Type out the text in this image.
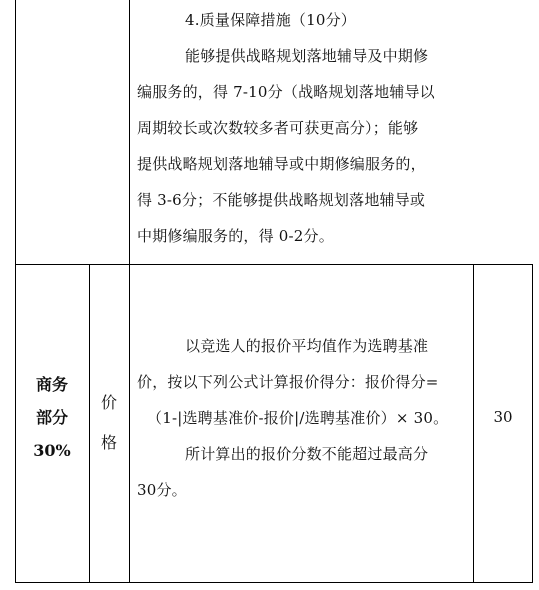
4.质量保障措施（10分）
能够提供战略规划落地辅导及中期修
编服务的，得 7-10分（战略规划落地辅导以
周期较长或次数较多者可获更高分）；能够
提供战略规划落地辅导或中期修编服务的，
得 3-6分；不能够提供战略规划落地辅导或
中期修编服务的，得 0-2分。
商务
部分
30%
价
格
以竞选人的报价平均值作为选聘基准
价，按以下列公式计算报价得分：报价得分=
（1-|选聘基准价-报价|/选聘基准价）× 30。
所计算出的报价分数不能超过最高分
30分。
30
